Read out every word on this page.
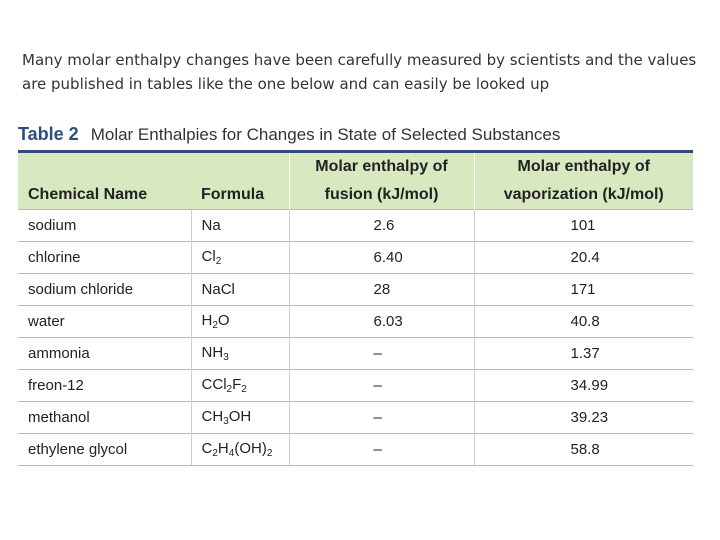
Many molar enthalpy changes have been carefully measured by scientists and the values are published in tables like the one below and can easily be looked up
Table 2 Molar Enthalpies for Changes in State of Selected Substances
		Molar enthalpy of	Molar enthalpy of
Chemical Name	Formula	fusion (kJ/mol)	vaporization (kJ/mol)
sodium	Na	2.6	101
chlorine	$Cl_2$	6.40	20.4
sodium chloride	NaCl	28	171
water	$H_2O$	6.03	40.8
ammonia	$NH_3$	–	1.37
freon-12	$CCl_2F_2$	–	34.99
methanol	$CH_3OH$	–	39.23
ethylene glycol	$C_2H_4(OH)_2$	–	58.8
